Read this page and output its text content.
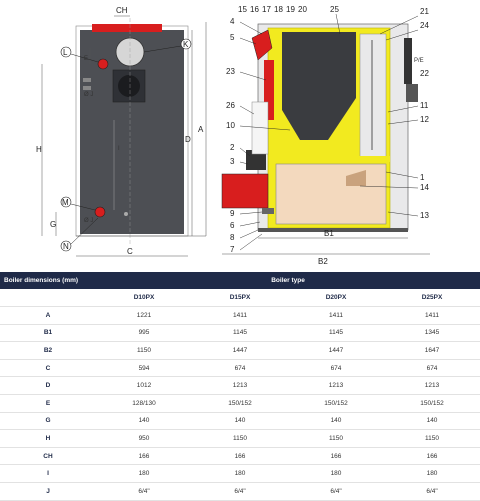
CH
L
K
M
N
H
G
C
D
A
E
I
Ø J
Ø J
15 16 17 18 19 20	25	21
24
4
5
22
23
26
10
11
12
2
3
1
14
9
6
8
7
13
B1
B2
P/E
Boiler dimensions (mm)	Boiler type			
	D10PX	D15PX	D20PX	D25PX
A	1221	1411	1411	1411
B1	995	1145	1145	1345
B2	1150	1447	1447	1647
C	594	674	674	674
D	1012	1213	1213	1213
E	128/130	150/152	150/152	150/152
G	140	140	140	140
H	950	1150	1150	1150
CH	166	166	166	166
I	180	180	180	180
J	6/4"	6/4"	6/4"	6/4"
